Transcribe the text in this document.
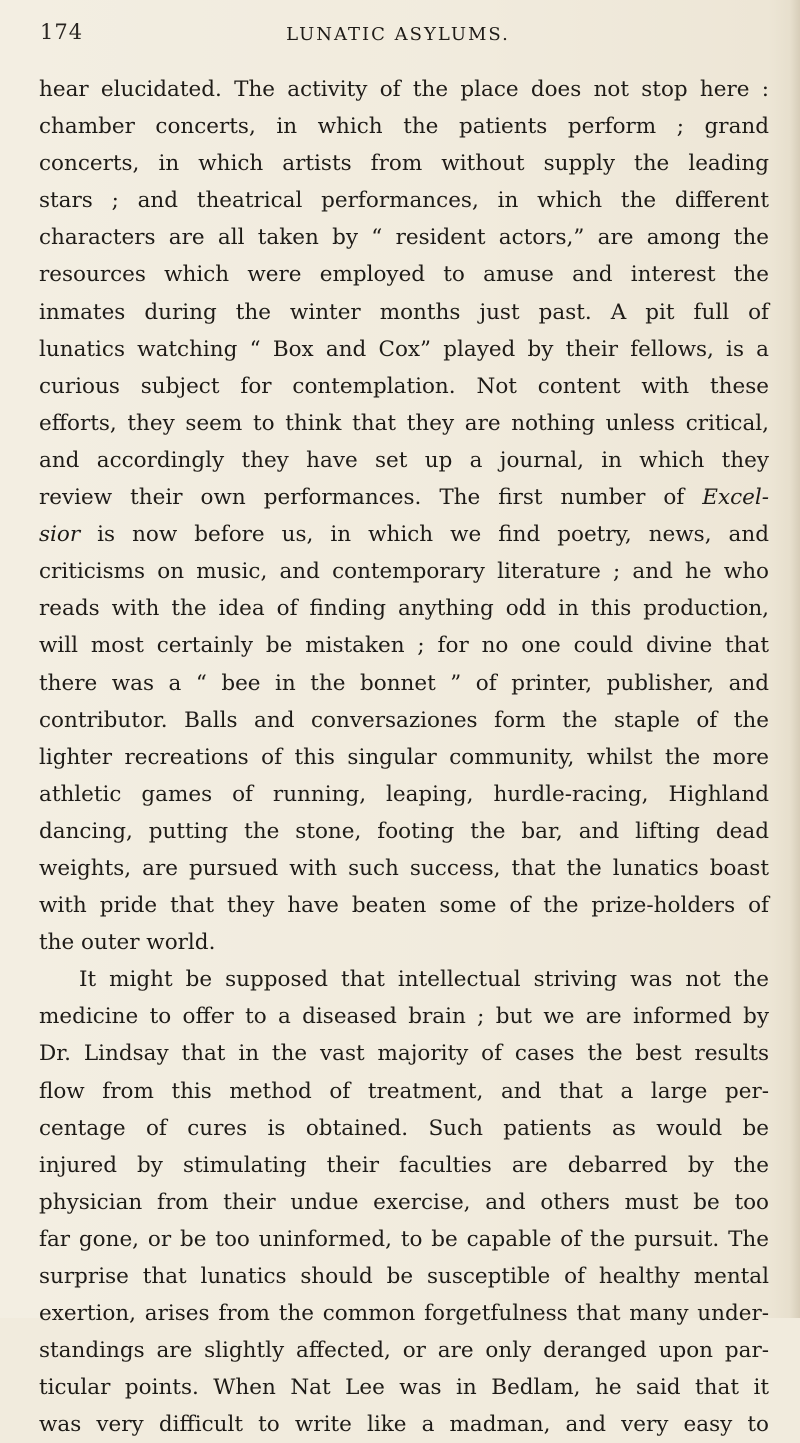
174	LUNATIC ASYLUMS.
hear elucidated. The activity of the place does not stop here :
chamber concerts, in which the patients perform ; grand
concerts, in which artists from without supply the leading
stars ; and theatrical performances, in which the different
characters are all taken by “ resident actors,” are among the
resources which were employed to amuse and interest the
inmates during the winter months just past. A pit full of
lunatics watching “ Box and Cox” played by their fellows, is a
curious subject for contemplation. Not content with these
efforts, they seem to think that they are nothing unless critical,
and accordingly they have set up a journal, in which they
review their own performances. The first number of Excel-
sior is now before us, in which we find poetry, news, and
criticisms on music, and contemporary literature ; and he who
reads with the idea of finding anything odd in this production,
will most certainly be mistaken ; for no one could divine that
there was a “ bee in the bonnet ” of printer, publisher, and
contributor. Balls and conversaziones form the staple of the
lighter recreations of this singular community, whilst the more
athletic games of running, leaping, hurdle-racing, Highland
dancing, putting the stone, footing the bar, and lifting dead
weights, are pursued with such success, that the lunatics boast
with pride that they have beaten some of the prize-holders of
the outer world.
It might be supposed that intellectual striving was not the
medicine to offer to a diseased brain ; but we are informed by
Dr. Lindsay that in the vast majority of cases the best results
flow from this method of treatment, and that a large per-
centage of cures is obtained. Such patients as would be
injured by stimulating their faculties are debarred by the
physician from their undue exercise, and others must be too
far gone, or be too uninformed, to be capable of the pursuit. The
surprise that lunatics should be susceptible of healthy mental
exertion, arises from the common forgetfulness that many under-
standings are slightly affected, or are only deranged upon par-
ticular points. When Nat Lee was in Bedlam, he said that it
was very difficult to write like a madman, and very easy to
